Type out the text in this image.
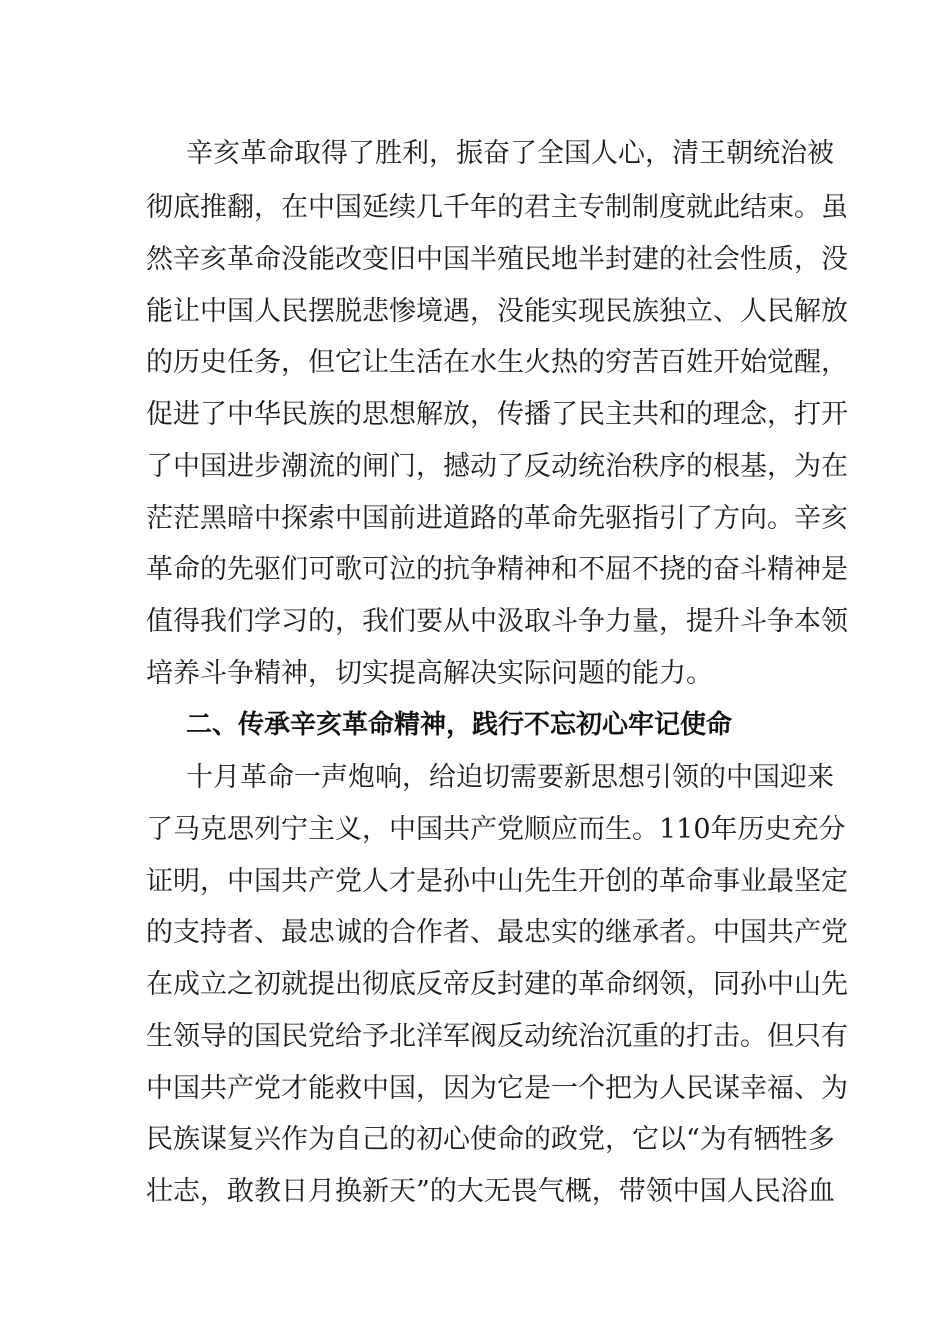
辛亥革命取得了胜利，振奋了全国人心，清王朝统治被
彻底推翻，在中国延续几千年的君主专制制度就此结束。虽
然辛亥革命没能改变旧中国半殖民地半封建的社会性质，没
能让中国人民摆脱悲惨境遇，没能实现民族独立、人民解放
的历史任务，但它让生活在水生火热的穷苦百姓开始觉醒，
促进了中华民族的思想解放，传播了民主共和的理念，打开
了中国进步潮流的闸门，撼动了反动统治秩序的根基，为在
茫茫黑暗中探索中国前进道路的革命先驱指引了方向。辛亥
革命的先驱们可歌可泣的抗争精神和不屈不挠的奋斗精神是
值得我们学习的，我们要从中汲取斗争力量，提升斗争本领
培养斗争精神，切实提高解决实际问题的能力。
二、传承辛亥革命精神，践行不忘初心牢记使命
十月革命一声炮响，给迫切需要新思想引领的中国迎来
了马克思列宁主义，中国共产党顺应而生。110年历史充分
证明，中国共产党人才是孙中山先生开创的革命事业最坚定
的支持者、最忠诚的合作者、最忠实的继承者。中国共产党
在成立之初就提出彻底反帝反封建的革命纲领，同孙中山先
生领导的国民党给予北洋军阀反动统治沉重的打击。但只有
中国共产党才能救中国，因为它是一个把为人民谋幸福、为
民族谋复兴作为自己的初心使命的政党，它以“为有牺牲多
壮志，敢教日月换新天”的大无畏气概，带领中国人民浴血
